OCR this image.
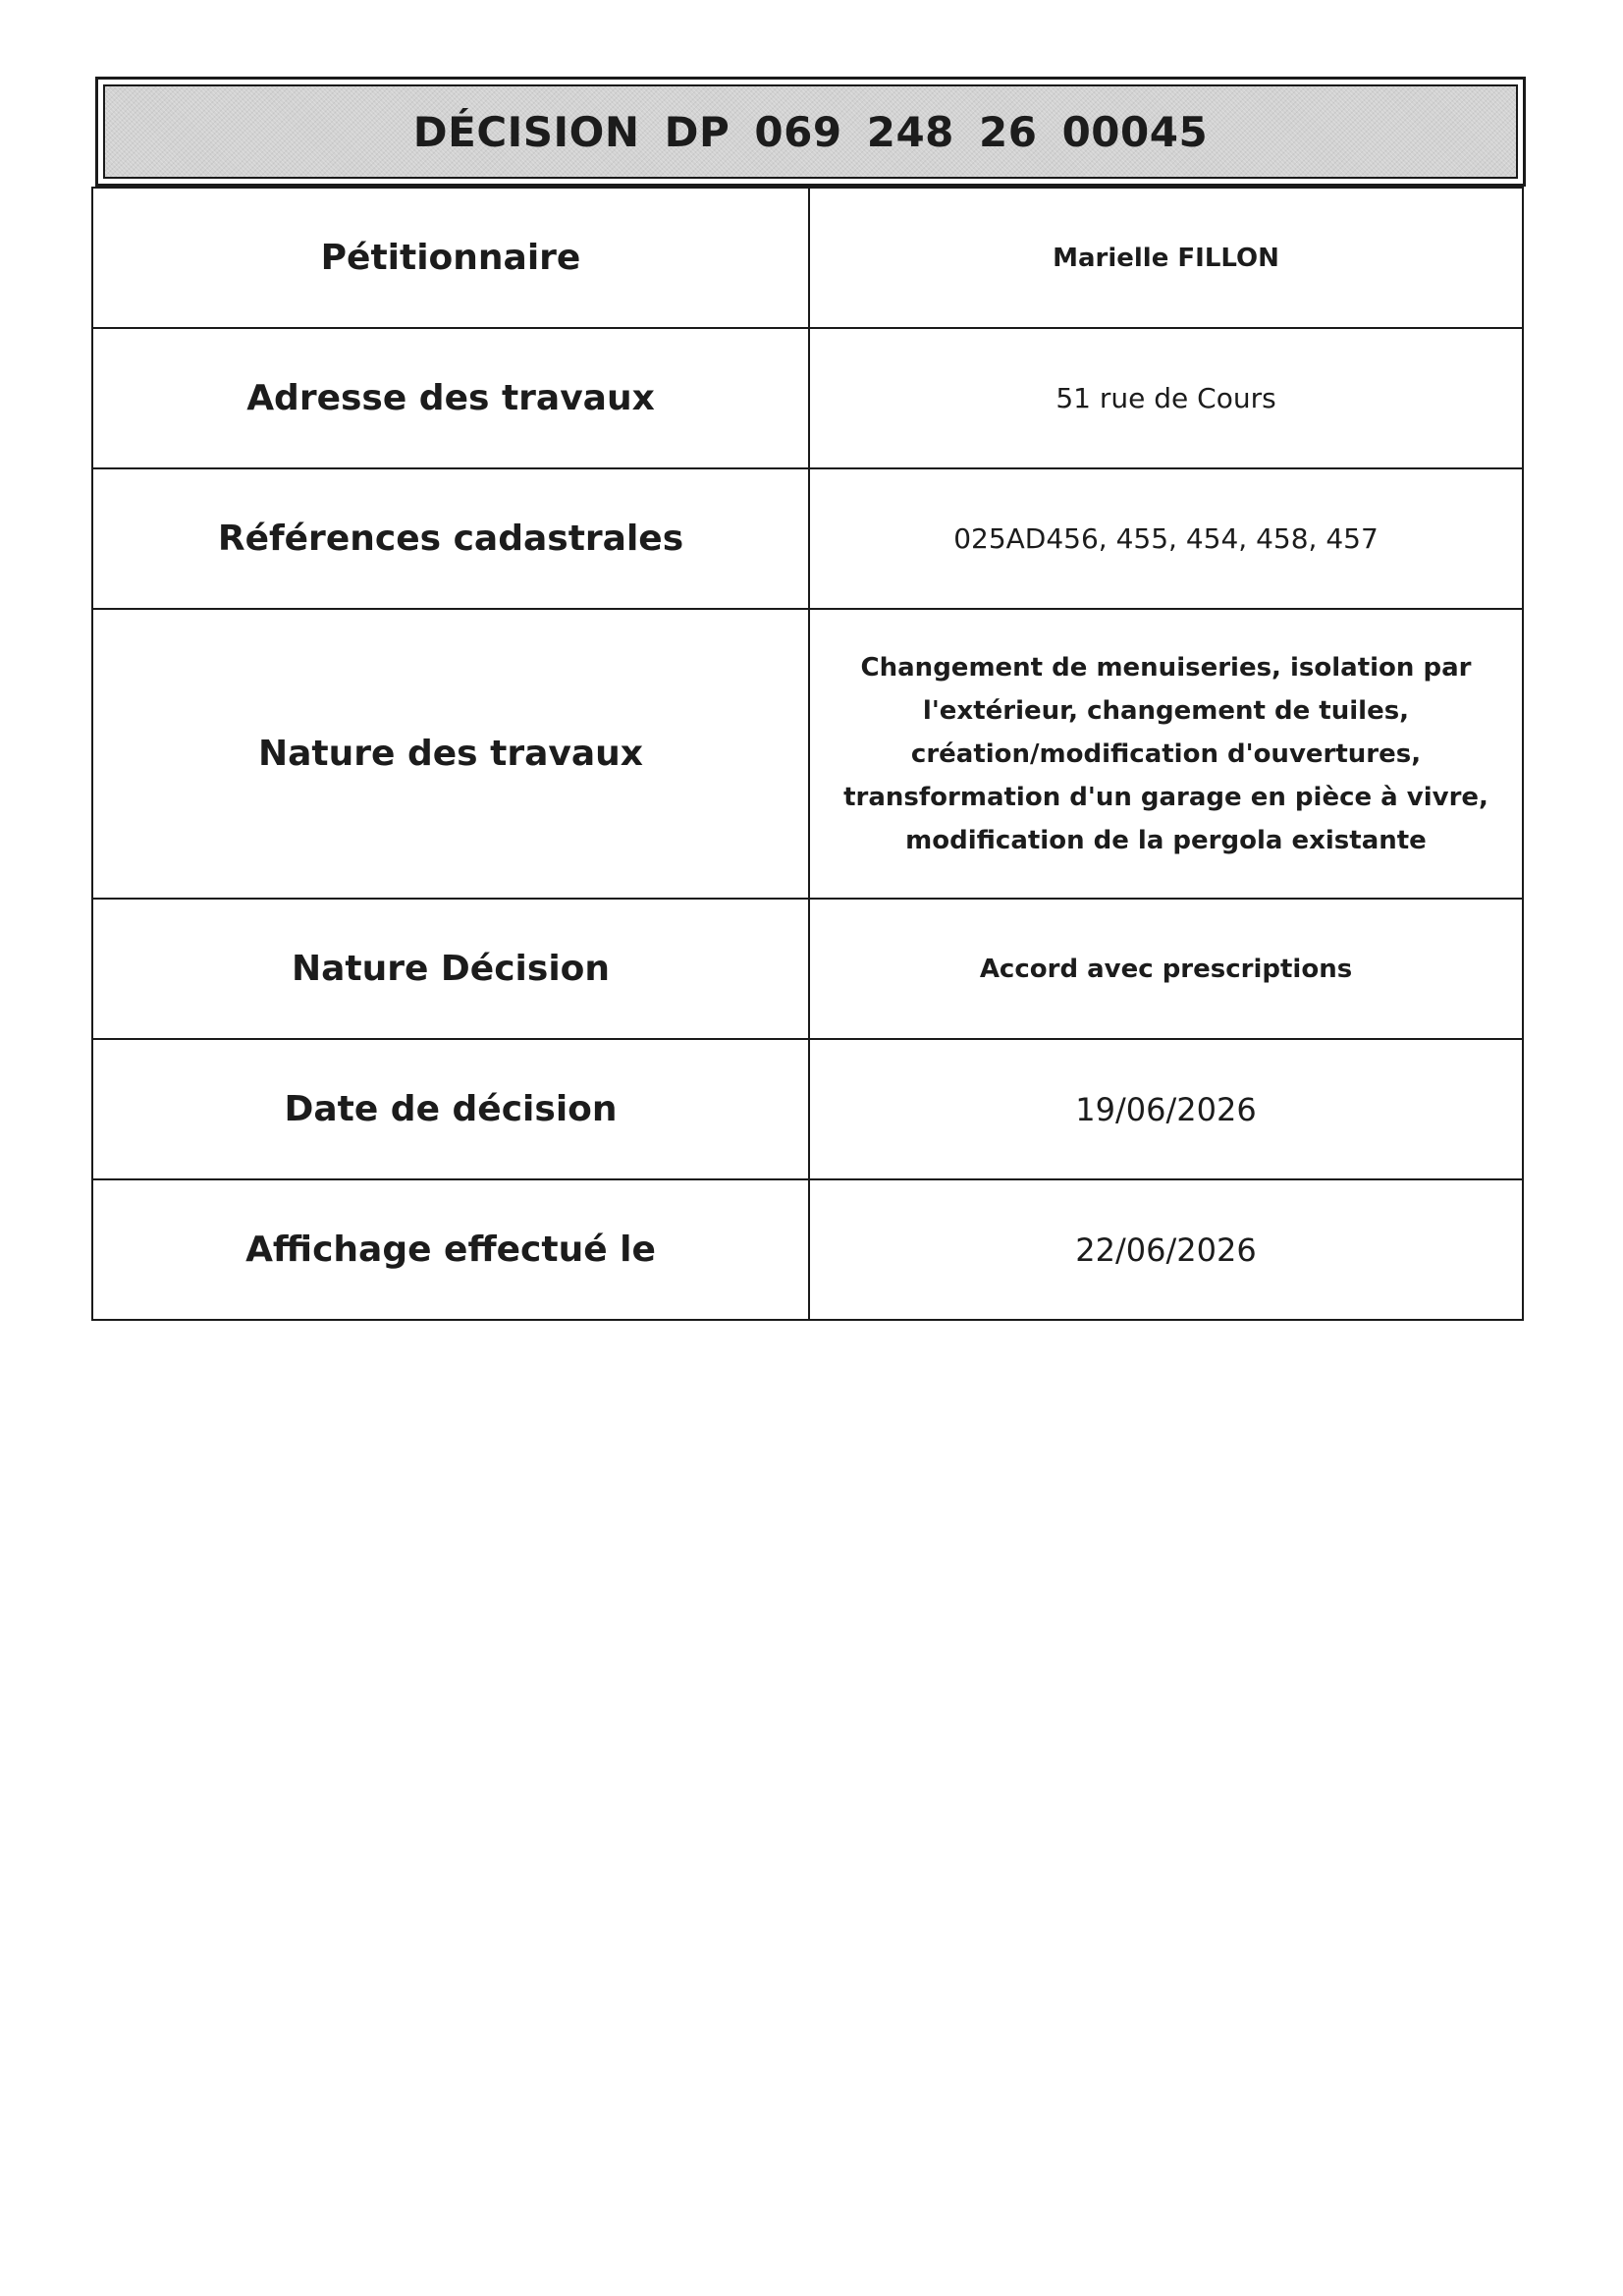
DÉCISION DP 069 248 26 00045
Pétitionnaire	Marielle FILLON
Adresse des travaux	51 rue de Cours
Références cadastrales	025AD456, 455, 454, 458, 457
Nature des travaux	Changement de menuiseries, isolation par l'extérieur, changement de tuiles, création/modification d'ouvertures, transformation d'un garage en pièce à vivre, modification de la pergola existante
Nature Décision	Accord avec prescriptions
Date de décision	19/06/2026
Affichage effectué le	22/06/2026
